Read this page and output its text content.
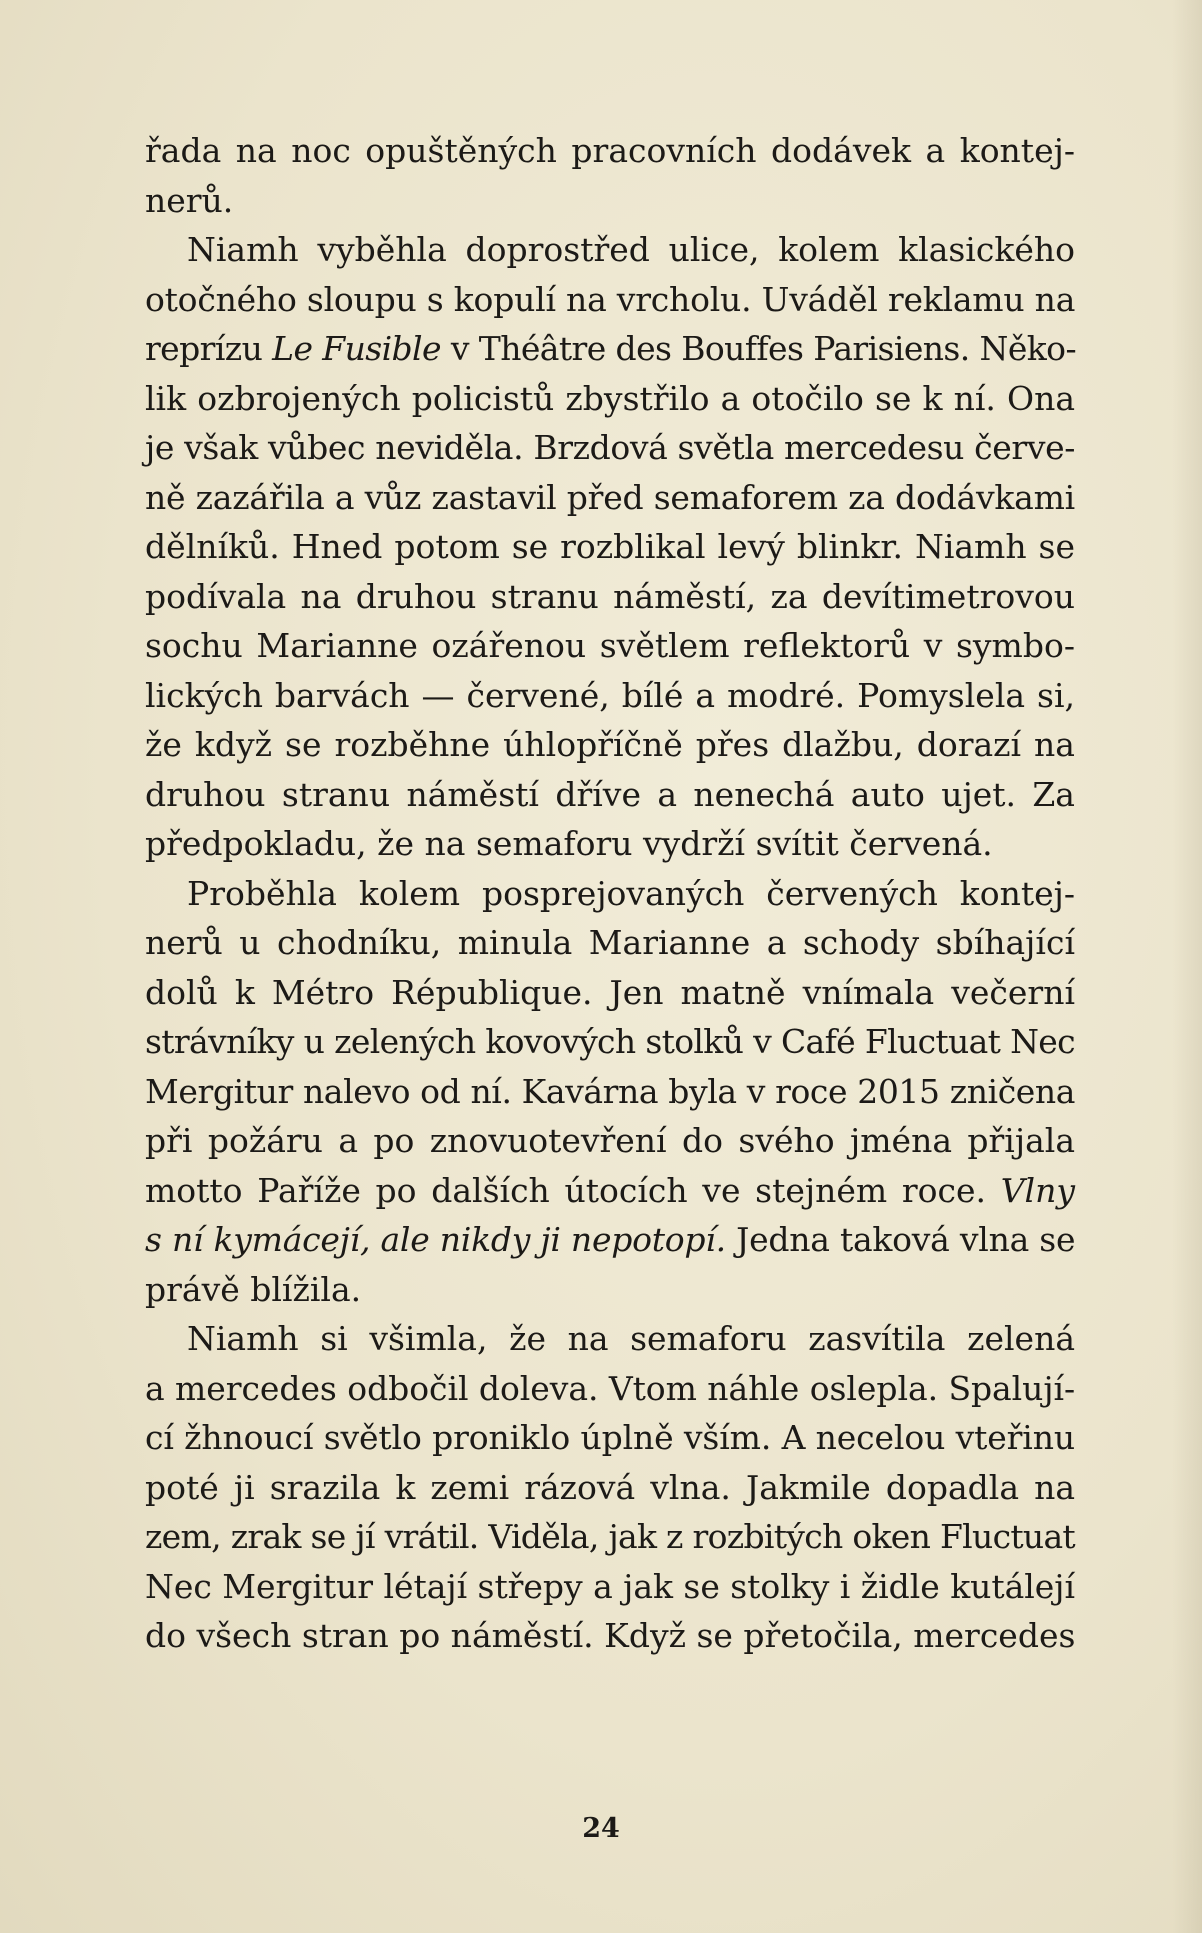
řada na noc opuštěných pracovních dodávek a kontej-
nerů.
Niamh vyběhla doprostřed ulice, kolem klasického
otočného sloupu s kopulí na vrcholu. Uváděl reklamu na
reprízu Le Fusible v Théâtre des Bouffes Parisiens. Něko-
lik ozbrojených policistů zbystřilo a otočilo se k ní. Ona
je však vůbec neviděla. Brzdová světla mercedesu červe-
ně zazářila a vůz zastavil před semaforem za dodávkami
dělníků. Hned potom se rozblikal levý blinkr. Niamh se
podívala na druhou stranu náměstí, za devítimetrovou
sochu Marianne ozářenou světlem reflektorů v symbo-
lických barvách — červené, bílé a modré. Pomyslela si,
že když se rozběhne úhlopříčně přes dlažbu, dorazí na
druhou stranu náměstí dříve a nenechá auto ujet. Za
předpokladu, že na semaforu vydrží svítit červená.
Proběhla kolem posprejovaných červených kontej-
nerů u chodníku, minula Marianne a schody sbíhající
dolů k Métro République. Jen matně vnímala večerní
strávníky u zelených kovových stolků v Café Fluctuat Nec
Mergitur nalevo od ní. Kavárna byla v roce 2015 zničena
při požáru a po znovuotevření do svého jména přijala
motto Paříže po dalších útocích ve stejném roce. Vlny
s ní kymácejí, ale nikdy ji nepotopí. Jedna taková vlna se
právě blížila.
Niamh si všimla, že na semaforu zasvítila zelená
a mercedes odbočil doleva. Vtom náhle oslepla. Spalují-
cí žhnoucí světlo proniklo úplně vším. A necelou vteřinu
poté ji srazila k zemi rázová vlna. Jakmile dopadla na
zem, zrak se jí vrátil. Viděla, jak z rozbitých oken Fluctuat
Nec Mergitur létají střepy a jak se stolky i židle kutálejí
do všech stran po náměstí. Když se přetočila, mercedes
24
